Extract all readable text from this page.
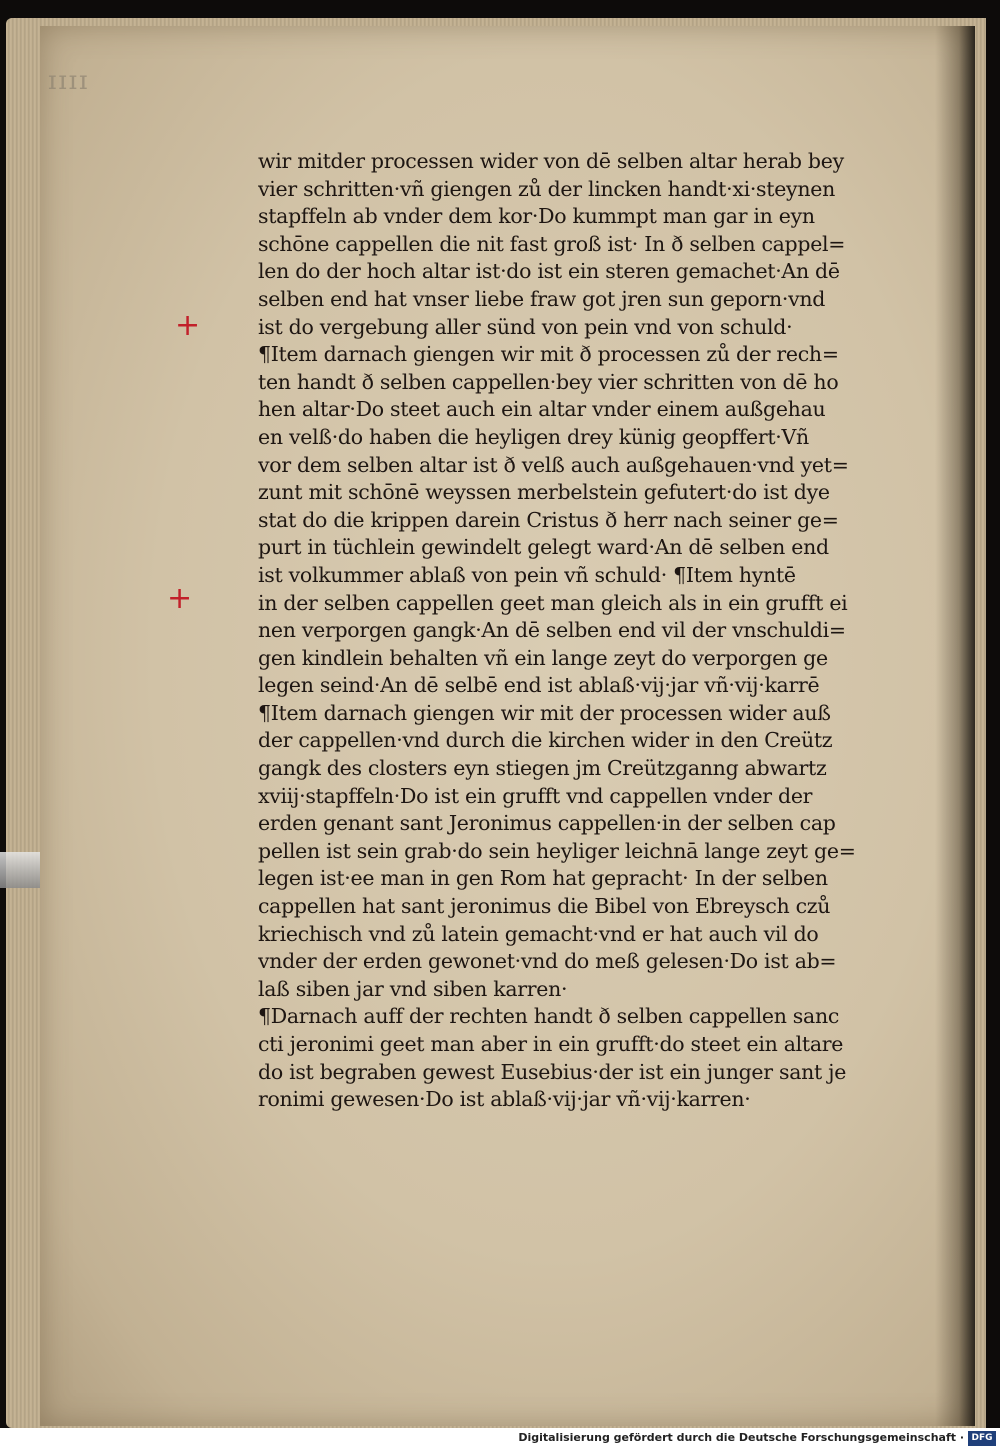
ɪɪɪɪ
+
+
wir mitder processen wider von dē selben altar herab bey
vier schritten·vñ giengen zů der lincken handt·xi·steynen
stapffeln ab vnder dem kor·Do kummpt man gar in eyn
schōne cappellen die nit fast groß ist· In ð selben cappel=
len do der hoch altar ist·do ist ein steren gemachet·An dē
selben end hat vnser liebe fraw got jren sun geporn·vnd
ist do vergebung aller sünd von pein vnd von schuld·
¶Item darnach giengen wir mit ð processen zů der rech=
ten handt ð selben cappellen·bey vier schritten von dē ho
hen altar·Do steet auch ein altar vnder einem außgehau
en velß·do haben die heyligen drey künig geopffert·Vñ
vor dem selben altar ist ð velß auch außgehauen·vnd yet=
zunt mit schōnē weyssen merbelstein gefutert·do ist dye
stat do die krippen darein Cristus ð herr nach seiner ge=
purt in tüchlein gewindelt gelegt ward·An dē selben end
ist volkummer ablaß von pein vñ schuld· ¶Item hyntē
in der selben cappellen geet man gleich als in ein grufft ei
nen verporgen gangk·An dē selben end vil der vnschuldi=
gen kindlein behalten vñ ein lange zeyt do verporgen ge
legen seind·An dē selbē end ist ablaß·vij·jar vñ·vij·karrē
¶Item darnach giengen wir mit der processen wider auß
der cappellen·vnd durch die kirchen wider in den Creütz
gangk des closters eyn stiegen jm Creützganng abwartz
xviij·stapffeln·Do ist ein grufft vnd cappellen vnder der
erden genant sant Jeronimus cappellen·in der selben cap
pellen ist sein grab·do sein heyliger leichnā lange zeyt ge=
legen ist·ee man in gen Rom hat gepracht· In der selben
cappellen hat sant jeronimus die Bibel von Ebreysch czů
kriechisch vnd zů latein gemacht·vnd er hat auch vil do
vnder der erden gewonet·vnd do meß gelesen·Do ist ab=
laß siben jar vnd siben karren·
¶Darnach auff der rechten handt ð selben cappellen sanc
cti jeronimi geet man aber in ein grufft·do steet ein altare
do ist begraben gewest Eusebius·der ist ein junger sant je
ronimi gewesen·Do ist ablaß·vij·jar vñ·vij·karren·
Digitalisierung gefördert durch die Deutsche Forschungsgemeinschaft · DFG
